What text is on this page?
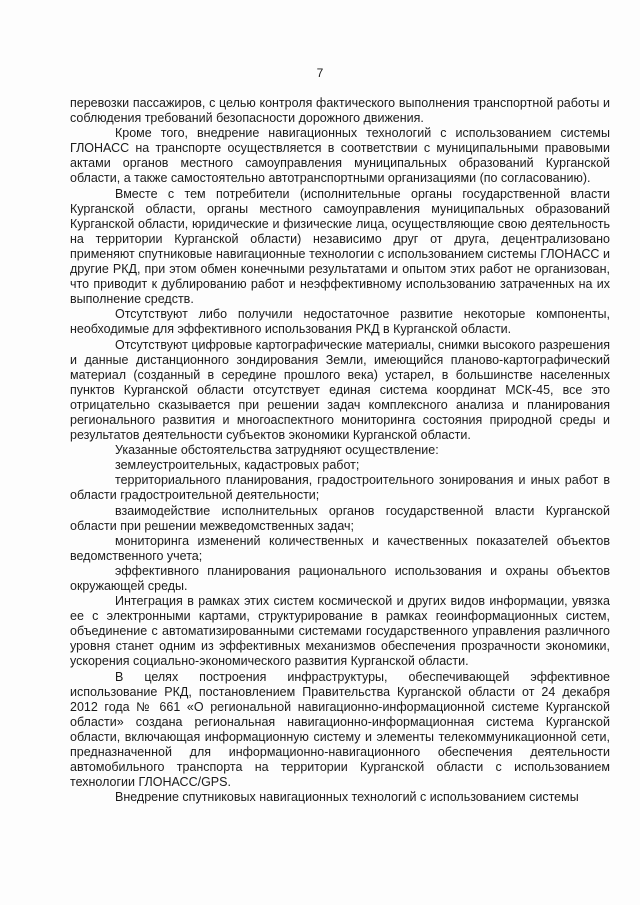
7

перевозки пассажиров, с целью контроля фактического выполнения транспортной работы и соблюдения требований безопасности дорожного движения.

Кроме того, внедрение навигационных технологий с использованием системы ГЛОНАСС на транспорте осуществляется в соответствии с муниципальными правовыми актами органов местного самоуправления муниципальных образований Курганской области, а также самостоятельно автотранспортными организациями (по согласованию).

Вместе с тем потребители (исполнительные органы государственной власти Курганской области, органы местного самоуправления муниципальных образований Курганской области, юридические и физические лица, осуществляющие свою деятельность на территории Курганской области) независимо друг от друга, децентрализовано применяют спутниковые навигационные технологии с использованием системы ГЛОНАСС и другие РКД, при этом обмен конечными результатами и опытом этих работ не организован, что приводит к дублированию работ и неэффективному использованию затраченных на их выполнение средств.

Отсутствуют либо получили недостаточное развитие некоторые компоненты, необходимые для эффективного использования РКД в Курганской области.

Отсутствуют цифровые картографические материалы, снимки высокого разрешения и данные дистанционного зондирования Земли, имеющийся планово-картографический материал (созданный в середине прошлого века) устарел, в большинстве населенных пунктов Курганской области отсутствует единая система координат МСК-45, все это отрицательно сказывается при решении задач комплексного анализа и планирования регионального развития и многоаспектного мониторинга состояния природной среды и результатов деятельности субъектов экономики Курганской области.

Указанные обстоятельства затрудняют осуществление:

землеустроительных, кадастровых работ;

территориального планирования, градостроительного зонирования и иных работ в области градостроительной деятельности;

взаимодействие исполнительных органов государственной власти Курганской области при решении межведомственных задач;

мониторинга изменений количественных и качественных показателей объектов ведомственного учета;

эффективного планирования рационального использования и охраны объектов окружающей среды.

Интеграция в рамках этих систем космической и других видов информации, увязка ее с электронными картами, структурирование в рамках геоинформационных систем, объединение с автоматизированными системами государственного управления различного уровня станет одним из эффективных механизмов обеспечения прозрачности экономики, ускорения социально-экономического развития Курганской области.

В целях построения инфраструктуры, обеспечивающей эффективное использование РКД, постановлением Правительства Курганской области от 24 декабря 2012 года № 661 «О региональной навигационно-информационной системе Курганской области» создана региональная навигационно-информационная система Курганской области, включающая информационную систему и элементы телекоммуникационной сети, предназначенной для информационно-навигационного обеспечения деятельности автомобильного транспорта на территории Курганской области с использованием технологии ГЛОНАСС/GPS.

Внедрение спутниковых навигационных технологий с использованием системы
